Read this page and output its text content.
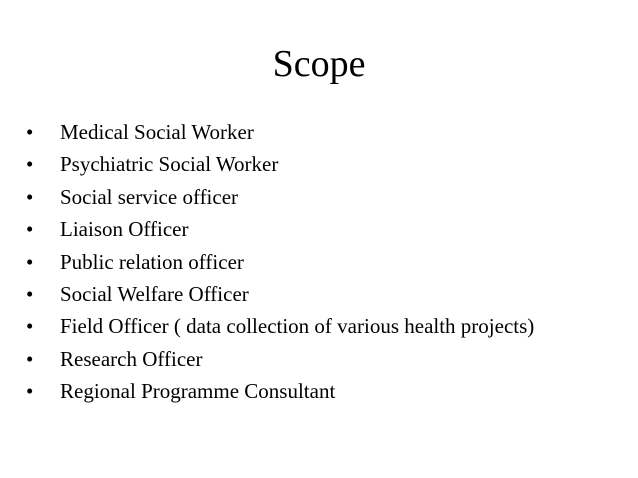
Scope
•	Medical Social Worker
•	Psychiatric Social Worker
•	Social service officer
•	Liaison Officer
•	Public relation officer
•	Social Welfare Officer
•	Field Officer ( data collection of various health projects)
•	Research Officer
•	Regional Programme Consultant
